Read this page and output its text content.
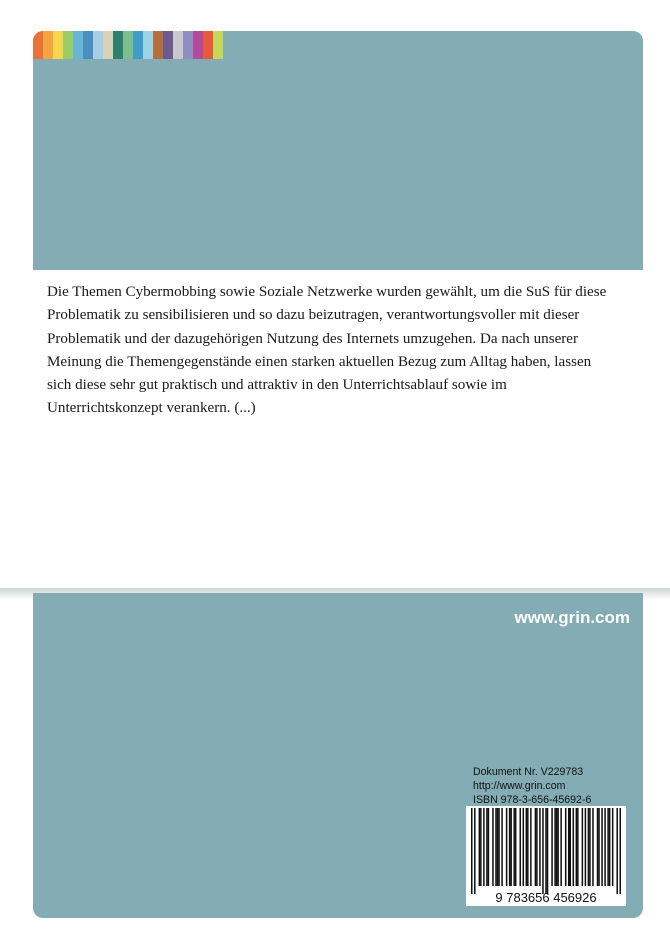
Die Themen Cybermobbing sowie Soziale Netzwerke wurden gewählt, um die SuS für diese Problematik zu sensibilisieren und so dazu beizutragen, verantwortungsvoller mit dieser Problematik und der dazugehörigen Nutzung des Internets umzugehen. Da nach unserer Meinung die Themengegenstände einen starken aktuellen Bezug zum Alltag haben, lassen sich diese sehr gut praktisch und attraktiv in den Unterrichtsablauf sowie im Unterrichtskonzept verankern. (...)

www.grin.com
Dokument Nr. V229783
http://www.grin.com
ISBN 978-3-656-45692-6
9 783656 456926
